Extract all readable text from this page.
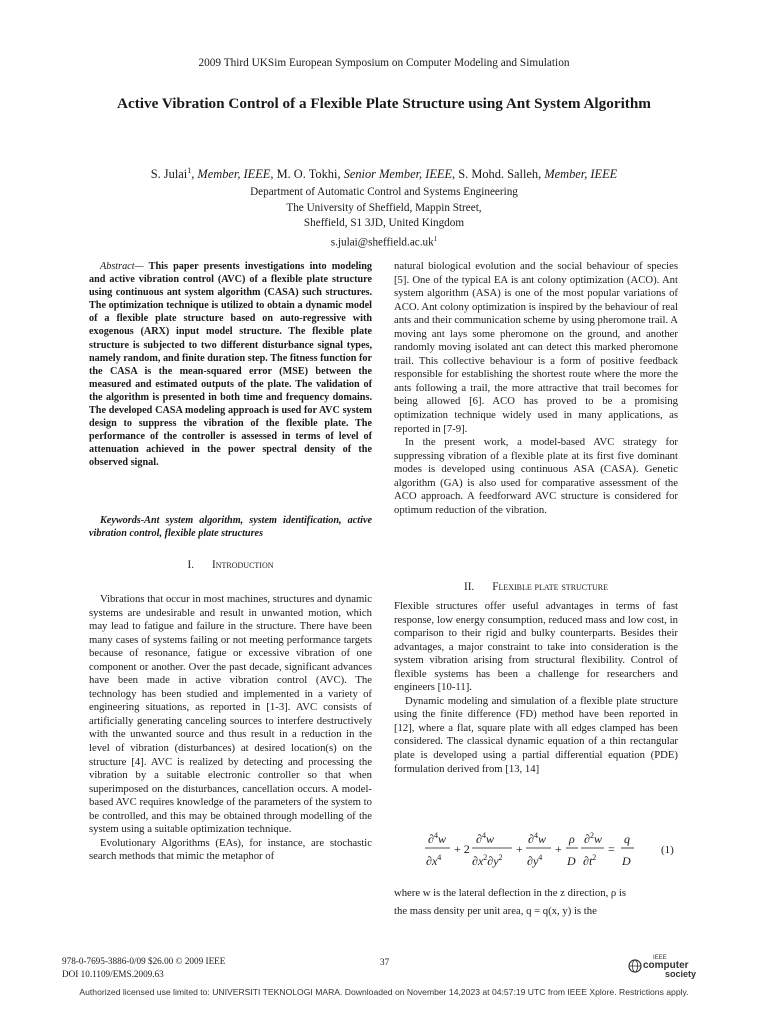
2009 Third UKSim European Symposium on Computer Modeling and Simulation
Active Vibration Control of a Flexible Plate Structure using Ant System Algorithm
S. Julai$^1$, Member, IEEE, M. O. Tokhi, Senior Member, IEEE, S. Mohd. Salleh, Member, IEEE
Department of Automatic Control and Systems Engineering
The University of Sheffield, Mappin Street,
Sheffield, S1 3JD, United Kingdom
$s.julai@sheffield.ac.uk^1$

Abstract— This paper presents investigations into modeling and active vibration control (AVC) of a flexible plate structure using continuous ant system algorithm (CASA) such structures. The optimization technique is utilized to obtain a dynamic model of a flexible plate structure based on auto-regressive with exogenous (ARX) input model structure. The flexible plate structure is subjected to two different disturbance signal types, namely random, and finite duration step. The fitness function for the CASA is the mean-squared error (MSE) between the measured and estimated outputs of the plate. The validation of the algorithm is presented in both time and frequency domains. The developed CASA modeling approach is used for AVC system design to suppress the vibration of the flexible plate. The performance of the controller is assessed in terms of level of attenuation achieved in the power spectral density of the observed signal.

Keywords-Ant system algorithm, system identification, active vibration control, flexible plate structures
I. Introduction

Vibrations that occur in most machines, structures and dynamic systems are undesirable and result in unwanted motion, which may lead to fatigue and failure in the structure. There have been many cases of systems failing or not meeting performance targets because of resonance, fatigue or excessive vibration of one component or another. Over the past decade, significant advances have been made in active vibration control (AVC). The technology has been studied and implemented in a variety of engineering situations, as reported in [1-3]. AVC consists of artificially generating canceling sources to interfere destructively with the unwanted source and thus result in a reduction in the level of vibration (disturbances) at desired location(s) on the structure [4]. AVC is realized by detecting and processing the vibration by a suitable electronic controller so that when superimposed on the disturbances, cancellation occurs. A model-based AVC requires knowledge of the parameters of the system to be controlled, and this may be obtained through modelling of the system using a suitable optimization technique.

Evolutionary Algorithms (EAs), for instance, are stochastic search methods that mimic the metaphor of

natural biological evolution and the social behaviour of species [5]. One of the typical EA is ant colony optimization (ACO). Ant system algorithm (ASA) is one of the most popular variations of ACO. Ant colony optimization is inspired by the behaviour of real ants and their communication scheme by using pheromone trail. A moving ant lays some pheromone on the ground, and another randomly moving isolated ant can detect this marked pheromone trail. This collective behaviour is a form of positive feedback responsible for establishing the shortest route where the more the ants following a trail, the more attractive that trail becomes for being allowed [6]. ACO has proved to be a promising optimization technique widely used in many applications, as reported in [7-9].

In the present work, a model-based AVC strategy for suppressing vibration of a flexible plate at its first five dominant modes is developed using continuous ASA (CASA). Genetic algorithm (GA) is also used for comparative assessment of the ACO approach. A feedforward AVC structure is considered for optimum reduction of the vibration.

II. Flexible plate structure

Flexible structures offer useful advantages in terms of fast response, low energy consumption, reduced mass and low cost, in comparison to their rigid and bulky counterparts. Besides their advantages, a major constraint to take into consideration is the system vibration arising from structural flexibility. Control of flexible systems has been a challenge for researchers and engineers [10-11].

Dynamic modeling and simulation of a flexible plate structure using the finite difference (FD) method have been reported in [12], where a flat, square plate with all edges clamped has been considered. The classical dynamic equation of a thin rectangular plate is developed using a partial differential equation (PDE) formulation derived from [13, 14]

∂$^4$w
$\partial x^4$
+ 2
∂$^4$w
$\partial x^2\partial y^2$
+
∂$^4$w
$\partial y^4$
+
ρ
D
∂$^2$w
$\partial t^2$
=
q
D
(1)

where w is the lateral deflection in the z direction, ρ is

the mass density per unit area, q = q(x, y) is the

978-0-7695-3886-0/09 $26.00 © 2009 IEEE
DOI 10.1109/EMS.2009.63
37	IEEE
computer
society
Authorized licensed use limited to: UNIVERSITI TEKNOLOGI MARA. Downloaded on November 14,2023 at 04:57:19 UTC from IEEE Xplore. Restrictions apply.
